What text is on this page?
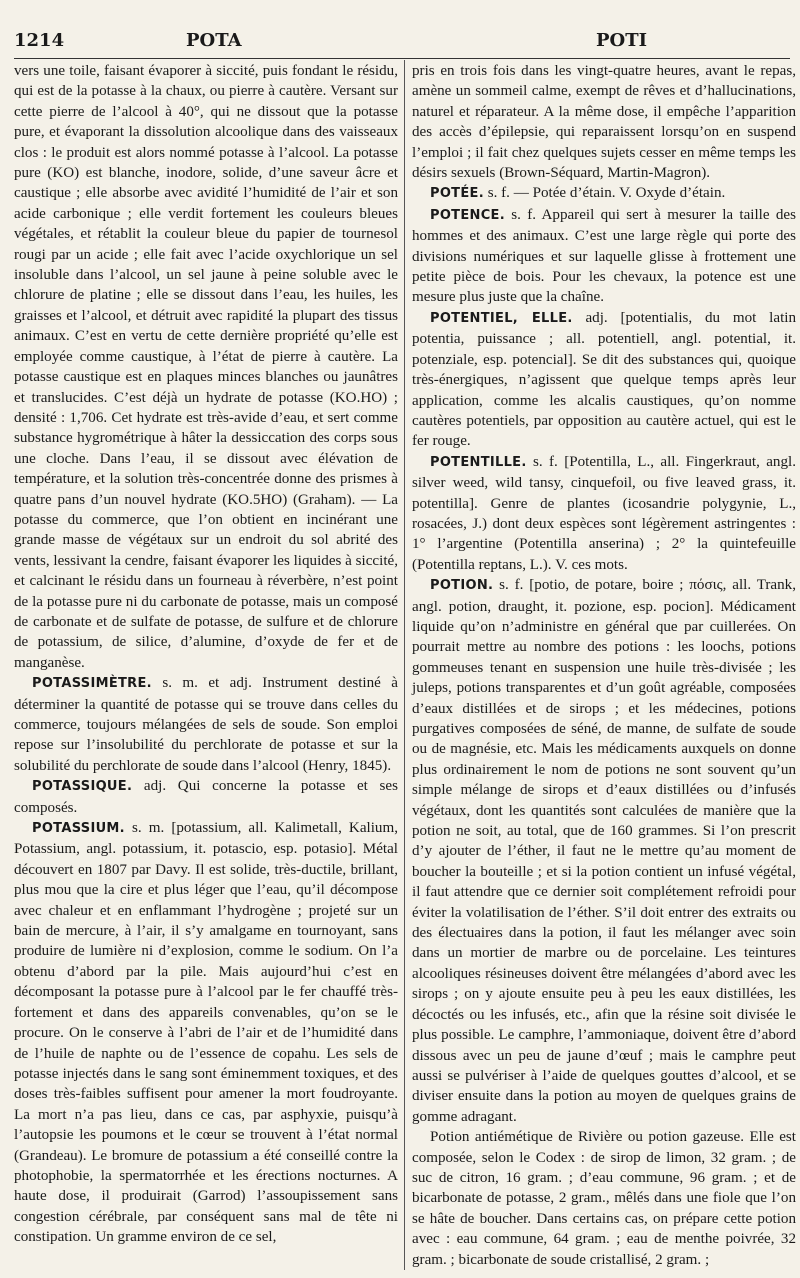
1214	POTA	POTI

vers une toile, faisant évaporer à siccité, puis fondant le résidu, qui est de la potasse à la chaux, ou pierre à cautère. Versant sur cette pierre de l’alcool à 40°, qui ne dissout que la potasse pure, et évaporant la dissolution alcoolique dans des vaisseaux clos : le produit est alors nommé potasse à l’alcool. La potasse pure (KO) est blanche, inodore, solide, d’une saveur âcre et caustique ; elle absorbe avec avidité l’humidité de l’air et son acide carbonique ; elle verdit fortement les couleurs bleues végétales, et rétablit la couleur bleue du papier de tournesol rougi par un acide ; elle fait avec l’acide oxychlorique un sel insoluble dans l’alcool, un sel jaune à peine soluble avec le chlorure de platine ; elle se dissout dans l’eau, les huiles, les graisses et l’alcool, et détruit avec rapidité la plupart des tissus animaux. C’est en vertu de cette dernière propriété qu’elle est employée comme caustique, à l’état de pierre à cautère. La potasse caustique est en plaques minces blanches ou jaunâtres et translucides. C’est déjà un hydrate de potasse (KO.HO) ; densité : 1,706. Cet hydrate est très-avide d’eau, et sert comme substance hygrométrique à hâter la dessiccation des corps sous une cloche. Dans l’eau, il se dissout avec élévation de température, et la solution très-concentrée donne des prismes à quatre pans d’un nouvel hydrate (KO.5HO) (Graham). — La potasse du commerce, que l’on obtient en incinérant une grande masse de végétaux sur un endroit du sol abrité des vents, lessivant la cendre, faisant évaporer les liquides à siccité, et calcinant le résidu dans un fourneau à réverbère, n’est point de la potasse pure ni du carbonate de potasse, mais un composé de carbonate et de sulfate de potasse, de sulfure et de chlorure de potassium, de silice, d’alumine, d’oxyde de fer et de manganèse.

POTASSIMÈTRE. s. m. et adj. Instrument destiné à déterminer la quantité de potasse qui se trouve dans celles du commerce, toujours mélangées de sels de soude. Son emploi repose sur l’insolubilité du perchlorate de potasse et sur la solubilité du perchlorate de soude dans l’alcool (Henry, 1845).

POTASSIQUE. adj. Qui concerne la potasse et ses composés.

POTASSIUM. s. m. [potassium, all. Kalimetall, Kalium, Potassium, angl. potassium, it. potascio, esp. potasio]. Métal découvert en 1807 par Davy. Il est solide, très-ductile, brillant, plus mou que la cire et plus léger que l’eau, qu’il décompose avec chaleur et en enflammant l’hydrogène ; projeté sur un bain de mercure, à l’air, il s’y amalgame en tournoyant, sans produire de lumière ni d’explosion, comme le sodium. On l’a obtenu d’abord par la pile. Mais aujourd’hui c’est en décomposant la potasse pure à l’alcool par le fer chauffé très-fortement et dans des appareils convenables, qu’on se le procure. On le conserve à l’abri de l’air et de l’humidité dans de l’huile de naphte ou de l’essence de copahu. Les sels de potasse injectés dans le sang sont éminemment toxiques, et des doses très-faibles suffisent pour amener la mort foudroyante. La mort n’a pas lieu, dans ce cas, par asphyxie, puisqu’à l’autopsie les poumons et le cœur se trouvent à l’état normal (Grandeau). Le bromure de potassium a été conseillé contre la photophobie, la spermatorrhée et les érections nocturnes. A haute dose, il produirait (Garrod) l’assoupissement sans congestion cérébrale, par conséquent sans mal de tête ni constipation. Un gramme environ de ce sel,

pris en trois fois dans les vingt-quatre heures, avant le repas, amène un sommeil calme, exempt de rêves et d’hallucinations, naturel et réparateur. A la même dose, il empêche l’apparition des accès d’épilepsie, qui reparaissent lorsqu’on en suspend l’emploi ; il fait chez quelques sujets cesser en même temps les désirs sexuels (Brown-Séquard, Martin-Magron).

POTÉE. s. f. — Potée d’étain. V. Oxyde d’étain.

POTENCE. s. f. Appareil qui sert à mesurer la taille des hommes et des animaux. C’est une large règle qui porte des divisions numériques et sur laquelle glisse à frottement une petite pièce de bois. Pour les chevaux, la potence est une mesure plus juste que la chaîne.

POTENTIEL, ELLE. adj. [potentialis, du mot latin potentia, puissance ; all. potentiell, angl. potential, it. potenziale, esp. potencial]. Se dit des substances qui, quoique très-énergiques, n’agissent que quelque temps après leur application, comme les alcalis caustiques, qu’on nomme cautères potentiels, par opposition au cautère actuel, qui est le fer rouge.

POTENTILLE. s. f. [Potentilla, L., all. Fingerkraut, angl. silver weed, wild tansy, cinquefoil, ou five leaved grass, it. potentilla]. Genre de plantes (icosandrie polygynie, L., rosacées, J.) dont deux espèces sont légèrement astringentes : 1° l’argentine (Potentilla anserina) ; 2° la quintefeuille (Potentilla reptans, L.). V. ces mots.

POTION. s. f. [potio, de potare, boire ; πόσις, all. Trank, angl. potion, draught, it. pozione, esp. pocion]. Médicament liquide qu’on n’administre en général que par cuillerées. On pourrait mettre au nombre des potions : les loochs, potions gommeuses tenant en suspension une huile très-divisée ; les juleps, potions transparentes et d’un goût agréable, composées d’eaux distillées et de sirops ; et les médecines, potions purgatives composées de séné, de manne, de sulfate de soude ou de magnésie, etc. Mais les médicaments auxquels on donne plus ordinairement le nom de potions ne sont souvent qu’un simple mélange de sirops et d’eaux distillées ou d’infusés végétaux, dont les quantités sont calculées de manière que la potion ne soit, au total, que de 160 grammes. Si l’on prescrit d’y ajouter de l’éther, il faut ne le mettre qu’au moment de boucher la bouteille ; et si la potion contient un infusé végétal, il faut attendre que ce dernier soit complétement refroidi pour éviter la volatilisation de l’éther. S’il doit entrer des extraits ou des électuaires dans la potion, il faut les mélanger avec soin dans un mortier de marbre ou de porcelaine. Les teintures alcooliques résineuses doivent être mélangées d’abord avec les sirops ; on y ajoute ensuite peu à peu les eaux distillées, les décoctés ou les infusés, etc., afin que la résine soit divisée le plus possible. Le camphre, l’ammoniaque, doivent être d’abord dissous avec un peu de jaune d’œuf ; mais le camphre peut aussi se pulvériser à l’aide de quelques gouttes d’alcool, et se diviser ensuite dans la potion au moyen de quelques grains de gomme adragant.

Potion antiémétique de Rivière ou potion gazeuse. Elle est composée, selon le Codex : de sirop de limon, 32 gram. ; de suc de citron, 16 gram. ; d’eau commune, 96 gram. ; et de bicarbonate de potasse, 2 gram., mêlés dans une fiole que l’on se hâte de boucher. Dans certains cas, on prépare cette potion avec : eau commune, 64 gram. ; eau de menthe poivrée, 32 gram. ; bicarbonate de soude cristallisé, 2 gram. ;
